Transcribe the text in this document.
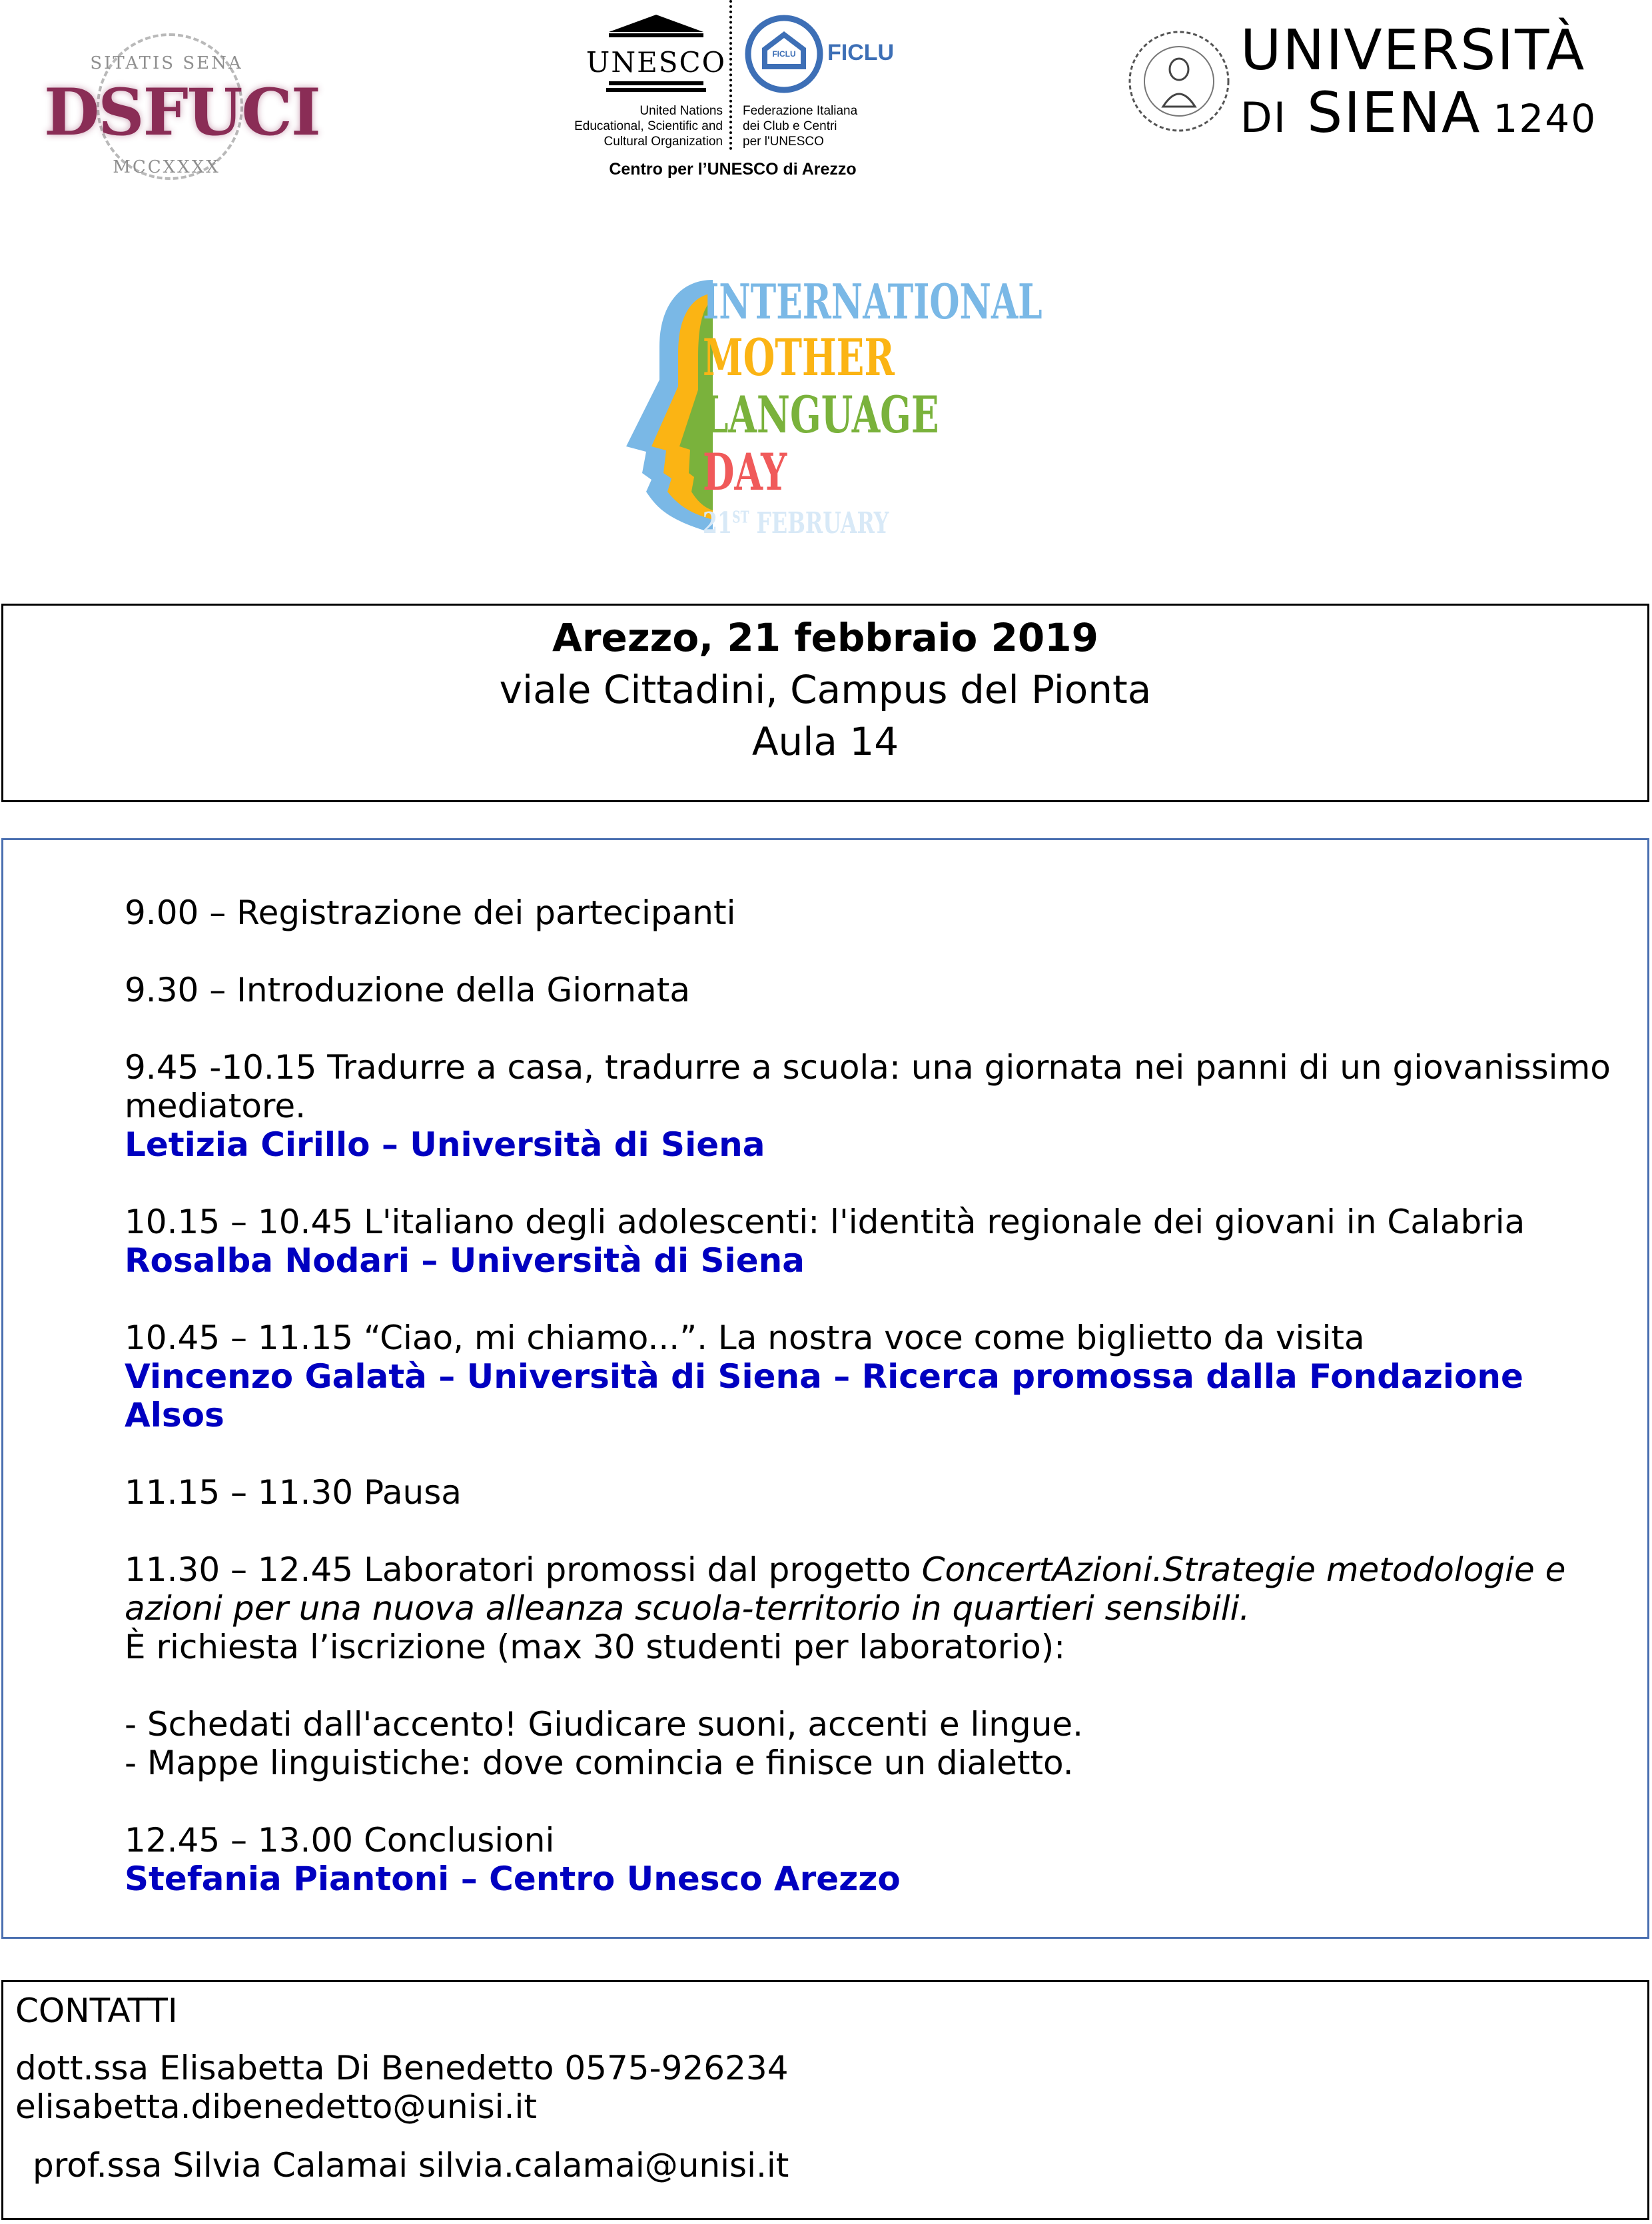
SITATIS SENA
MCCXXXX
DSFUCI
UNESCO
United Nations
Educational, Scientific and
Cultural Organization
FICLU FICLU
Federazione Italiana
dei Club e Centri
per l'UNESCO
Centro per l’UNESCO di Arezzo
UNIVERSITÀ
DI SIENA 1240
INTERNATIONAL
MOTHER
LANGUAGE
DAY
21ST FEBRUARY
Arezzo, 21 febbraio 2019
viale Cittadini, Campus del Pionta
Aula 14
9.00 – Registrazione dei partecipanti
9.30 – Introduzione della Giornata
9.45 -10.15 Tradurre a casa, tradurre a scuola: una giornata nei panni di un giovanissimo
mediatore.
Letizia Cirillo – Università di Siena
10.15 – 10.45 L'italiano degli adolescenti: l'identità regionale dei giovani in Calabria
Rosalba Nodari – Università di Siena
10.45 – 11.15 “Ciao, mi chiamo...”. La nostra voce come biglietto da visita
Vincenzo Galatà – Università di Siena – Ricerca promossa dalla Fondazione
Alsos
11.15 – 11.30 Pausa
11.30 – 12.45 Laboratori promossi dal progetto ConcertAzioni.Strategie metodologie e
azioni per una nuova alleanza scuola-territorio in quartieri sensibili.
È richiesta l’iscrizione (max 30 studenti per laboratorio):
- Schedati dall'accento! Giudicare suoni, accenti e lingue.
- Mappe linguistiche: dove comincia e finisce un dialetto.
12.45 – 13.00 Conclusioni
Stefania Piantoni – Centro Unesco Arezzo
CONTATTI
dott.ssa Elisabetta Di Benedetto 0575-926234
elisabetta.dibenedetto@unisi.it
prof.ssa Silvia Calamai silvia.calamai@unisi.it
